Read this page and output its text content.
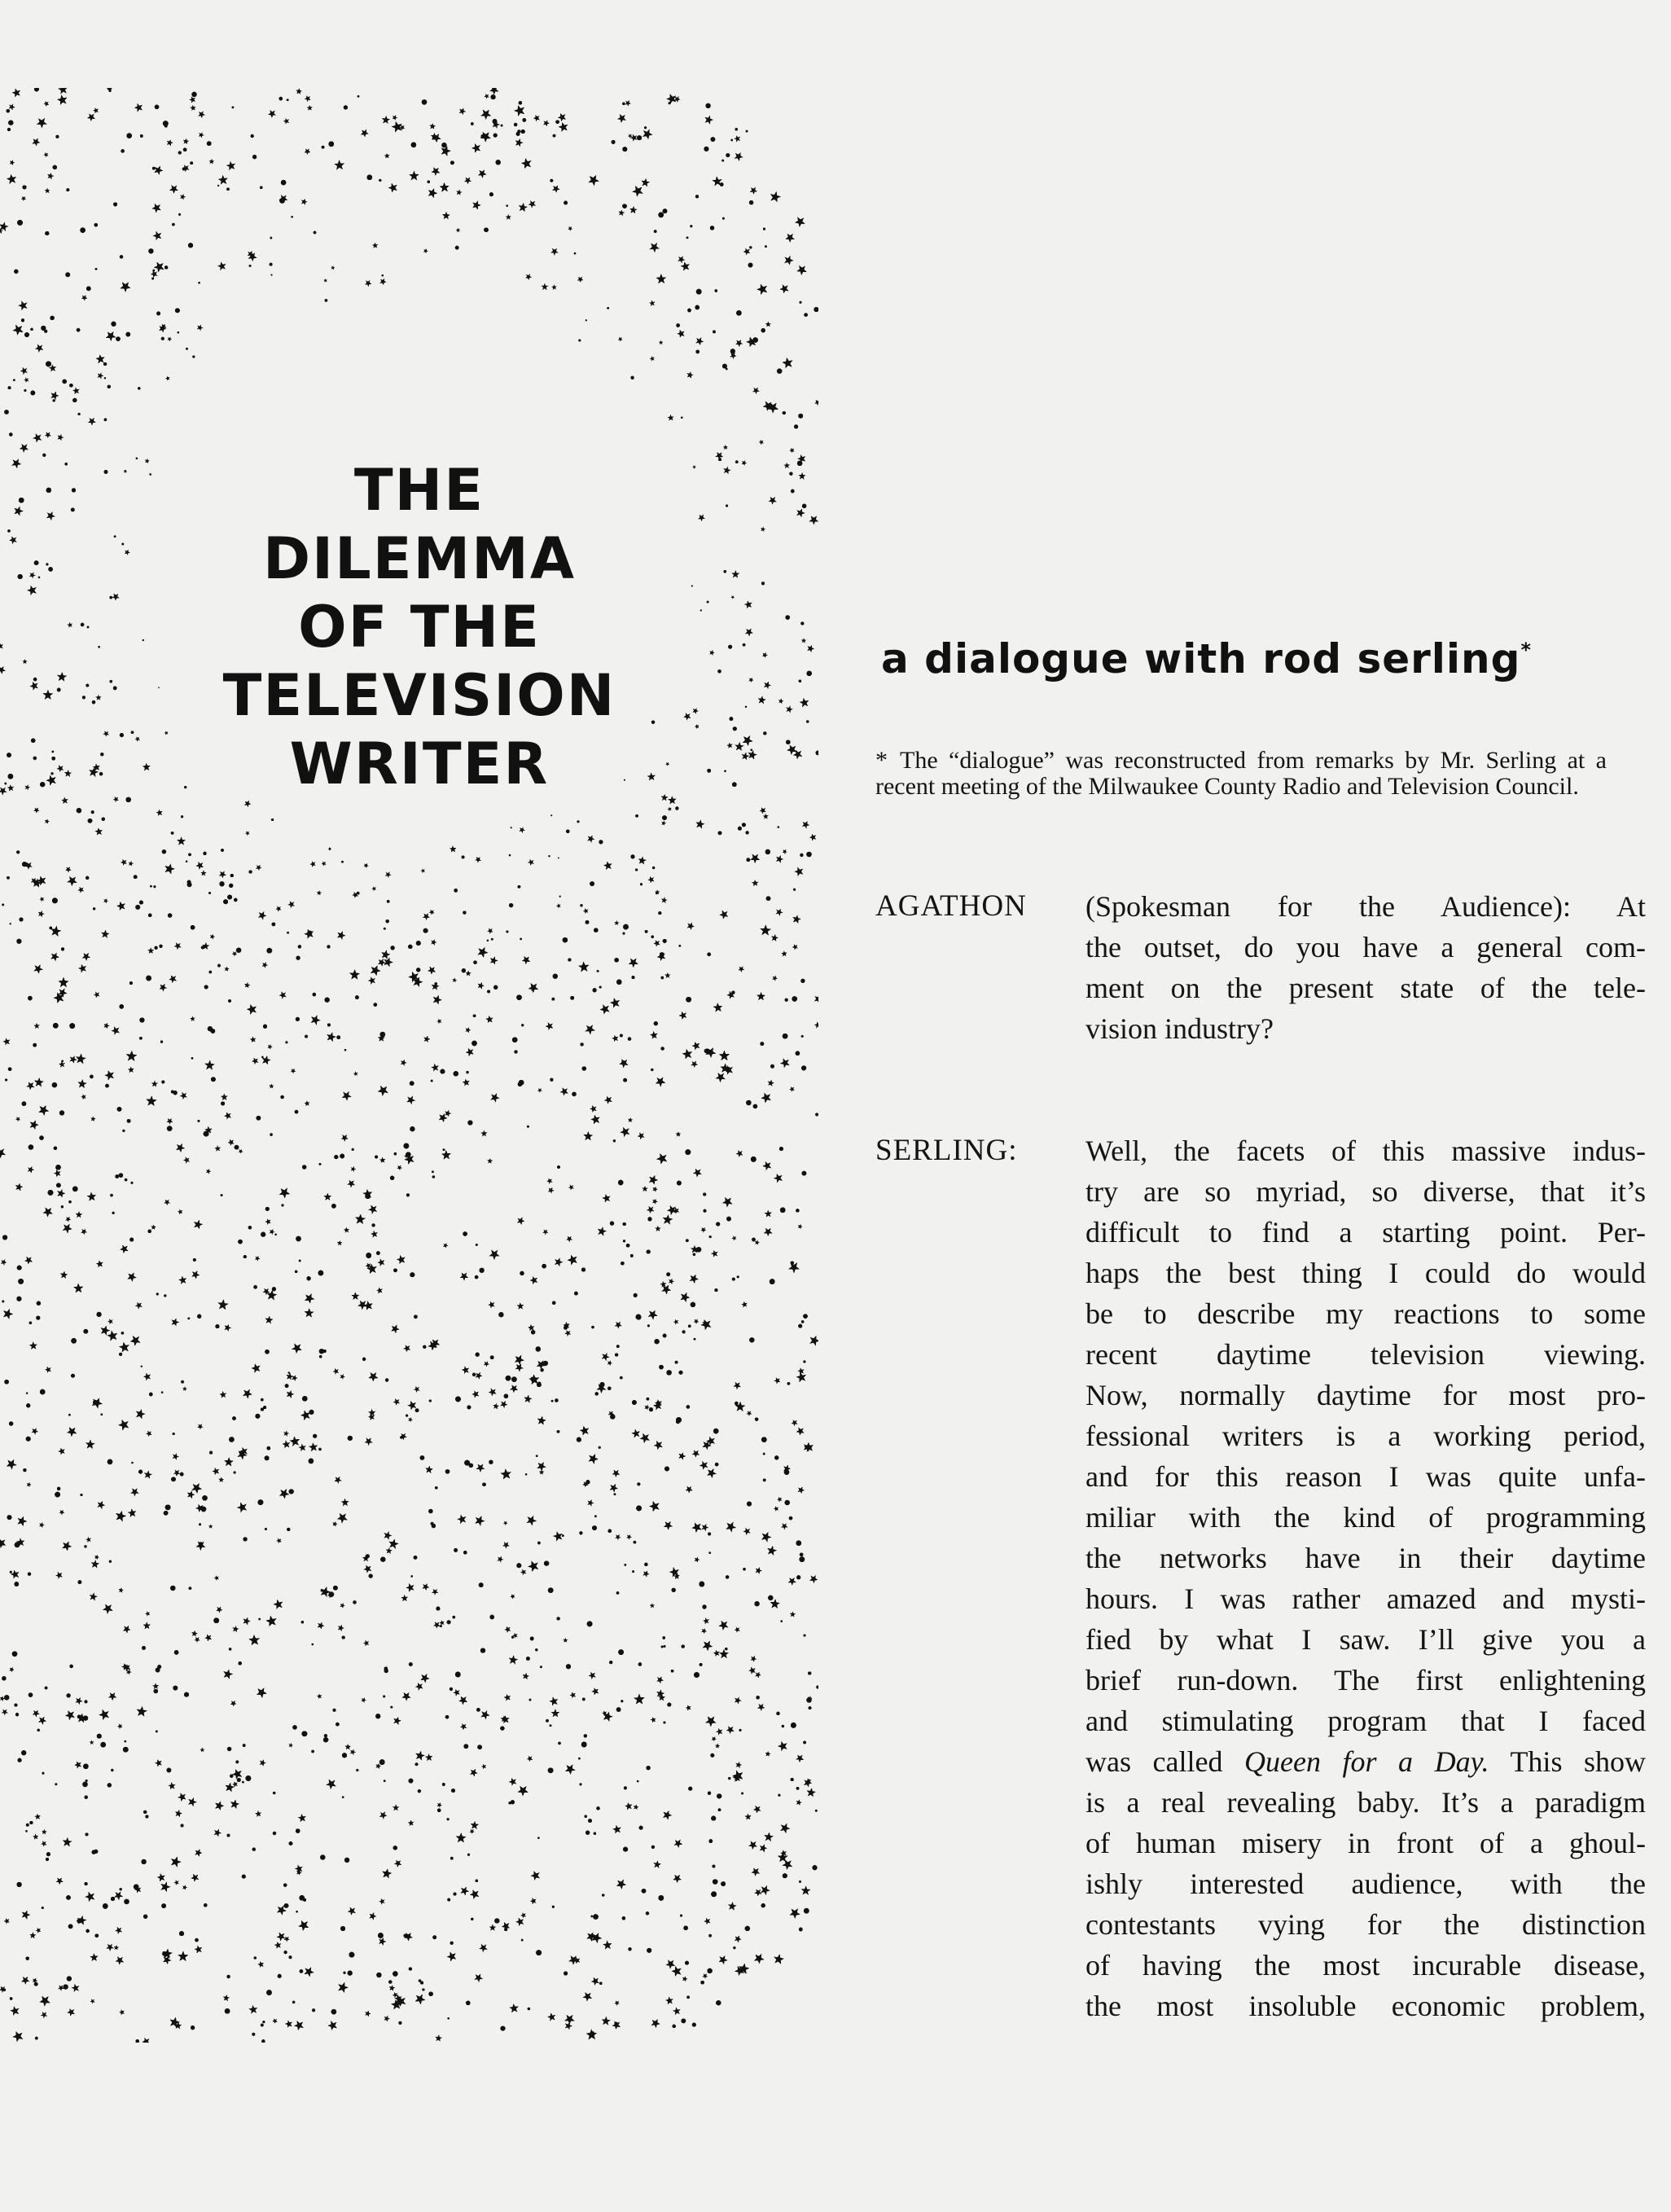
THE
DILEMMA
OF THE
TELEVISION
WRITER
a dialogue with rod serling*
* The “dialogue” was reconstructed from remarks by Mr. Serling at a recent meeting of the Milwaukee County Radio and Television Council.
AGATHON (Spokesman for the Audience): At
the outset, do you have a general com-
ment on the present state of the tele-
vision industry?
SERLING: Well, the facets of this massive indus-
try are so myriad, so diverse, that it’s
difficult to find a starting point. Per-
haps the best thing I could do would
be to describe my reactions to some
recent daytime television viewing.
Now, normally daytime for most pro-
fessional writers is a working period,
and for this reason I was quite unfa-
miliar with the kind of programming
the networks have in their daytime
hours. I was rather amazed and mysti-
fied by what I saw. I’ll give you a
brief run-down. The first enlightening
and stimulating program that I faced
was called Queen for a Day. This show
is a real revealing baby. It’s a paradigm
of human misery in front of a ghoul-
ishly interested audience, with the
contestants vying for the distinction
of having the most incurable disease,
the most insoluble economic problem,
